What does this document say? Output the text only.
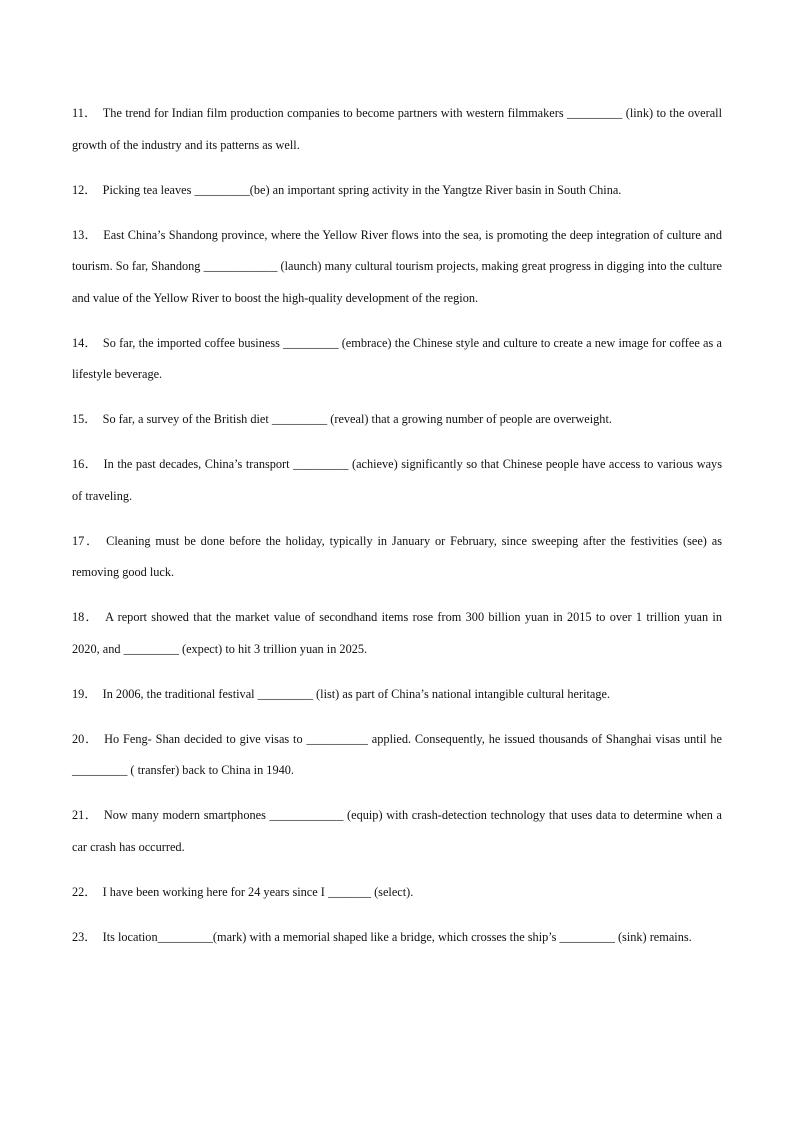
11． The trend for Indian film production companies to become partners with western filmmakers _________ (link) to the overall growth of the industry and its patterns as well.

12． Picking tea leaves _________(be) an important spring activity in the Yangtze River basin in South China.

13． East China’s Shandong province, where the Yellow River flows into the sea, is promoting the deep integration of culture and tourism. So far, Shandong ____________ (launch) many cultural tourism projects, making great progress in digging into the culture and value of the Yellow River to boost the high-quality development of the region.

14． So far, the imported coffee business _________ (embrace) the Chinese style and culture to create a new image for coffee as a lifestyle beverage.

15． So far, a survey of the British diet _________ (reveal) that a growing number of people are overweight.

16． In the past decades, China’s transport _________ (achieve) significantly so that Chinese people have access to various ways of traveling.

17． Cleaning must be done before the holiday, typically in January or February, since sweeping after the festivities (see) as removing good luck.

18． A report showed that the market value of secondhand items rose from 300 billion yuan in 2015 to over 1 trillion yuan in 2020, and _________ (expect) to hit 3 trillion yuan in 2025.

19． In 2006, the traditional festival _________ (list) as part of China’s national intangible cultural heritage.

20． Ho Feng- Shan decided to give visas to __________ applied. Consequently, he issued thousands of Shanghai visas until he _________ ( transfer) back to China in 1940.

21． Now many modern smartphones ____________ (equip) with crash-detection technology that uses data to determine when a car crash has occurred.

22． I have been working here for 24 years since I _______ (select).

23． Its location_________(mark) with a memorial shaped like a bridge, which crosses the ship’s _________ (sink) remains.
